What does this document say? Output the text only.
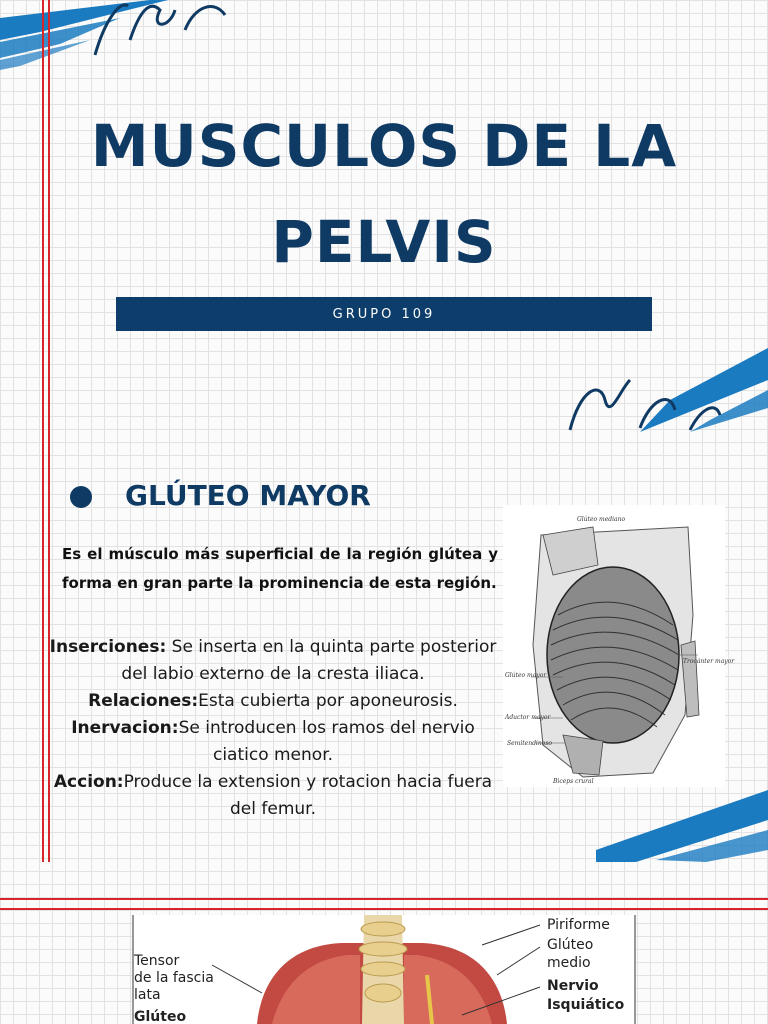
MUSCULOS DE LA
PELVIS
GRUPO 109
GLÚTEO MAYOR

Es el músculo más superficial de la región glútea y forma en gran parte la prominencia de esta región.

Inserciones: Se inserta en la quinta parte posterior del labio externo de la cresta iliaca.

Relaciones:Esta cubierta por aponeurosis.

Inervacion:Se introducen los ramos del nervio ciatico menor.

Accion:Produce la extension y rotacion hacia fuera del femur.

Glúteo mediano
Trocánter mayor
Glúteo mayor
Aductor mayor
Semitendinoso
Biceps crural
Tensor
de la fascia
lata
Glúteo
Piriforme
Glúteo
medio
Nervio
Isquiático
